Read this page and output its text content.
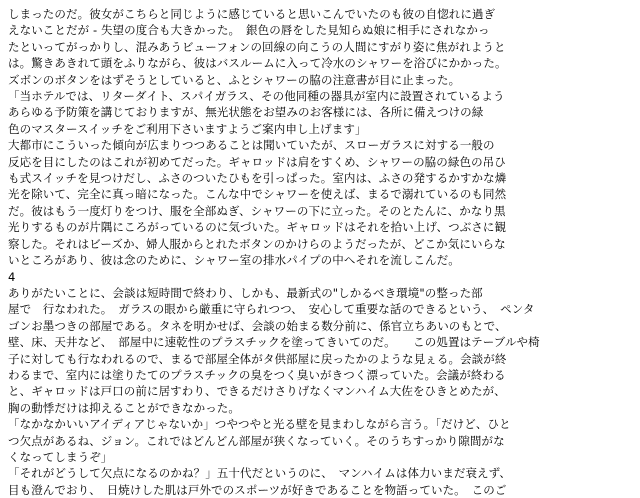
しまったのだ。彼女がこちらと同じように感じていると思いこんでいたのも彼の自惚れに過ぎ

えないことだが - 失望の度合も大きかった。　銀色の唇をした見知らぬ娘に相手にされなかっ

たといってがっかりし、混みあうビューフォンの回線の向こうの人間にすがり姿に焦がれようと

は。驚きあきれて頭をふりながら、彼はバスルームに入って冷水のシャワーを浴びにかかった。

ズボンのボタンをはずそうとしていると、ふとシャワーの脇の注意書が目に止まった。

「当ホテルでは、リターダイト、スパイガラス、その他同種の器具が室内に設置されているよう

あらゆる予防策を講じておりますが、無光状態をお望みのお客様には、各所に備えつけの緑

色のマスタースイッチをご利用下さいますようご案内申し上げます」

大都市にこういった傾向が広まりつつあることは聞いていたが、スローガラスに対する一般の

反応を目にしたのはこれが初めてだった。ギャロッドは肩をすくめ、シャワーの脇の緑色の吊ひ

も式スイッチを見つけだし、ふさのついたひもを引っぱった。室内は、ふさの発するかすかな燐

光を除いて、完全に真っ暗になった。こんな中でシャワーを使えば、まるで溺れているのも同然

だ。彼はもう一度灯りをつけ、服を全部ぬぎ、シャワーの下に立った。そのとたんに、かなり黒

光りするものが片隅にころがっているのに気づいた。ギャロッドはそれを拾い上げ、つぶさに観

察した。それはビーズか、婦人服からとれたボタンのかけらのようだったが、どこか気にいらな

いところがあり、彼は念のために、シャワー室の排水パイプの中へそれを流しこんだ。

4

ありがたいことに、会談は短時間で終わり、しかも、最新式の"しかるべき環境"の整った部

屋で　行なわれた。　ガラスの眼から厳重に守られつつ、　安心して重要な話のできるという、　ペンタ

ゴンお墨つきの部屋である。タネを明かせば、会談の始まる数分前に、係官立ちあいのもとで、

壁、床、天井など、　部屋中に速乾性のプラスチックを塗ってきいてのだ。　　この処置はテーブルや椅

子に対しても行なわれるので、まるで部屋全体がタ供部屋に戻ったかのような見ぇる。会談が終

わるまで、室内には塗りたてのプラスチックの臭をつく臭いがきつく漂っていた。会議が終わる

と、ギャロッドは戸口の前に居すわり、できるだけさりげなくマンハイム大佐をひきとめたが、

胸の動悸だけは抑えることができなかった。

「なかなかいいアイディアじゃないか」つやつやと光る壁を見まわしながら言う。「だけど、ひと

つ欠点があるね、ジョン。これではどんどん部屋が狭くなっていく。そのうちすっかり隙間がな

くなってしまうぞ」

「それがどうして欠点になるのかね？」五十代だというのに、　マンハイムは体力いまだ衰えず、

目も澄んでおり、　日焼けした肌は戸外でのスポーツが好きであることを物語っていた。　このご
